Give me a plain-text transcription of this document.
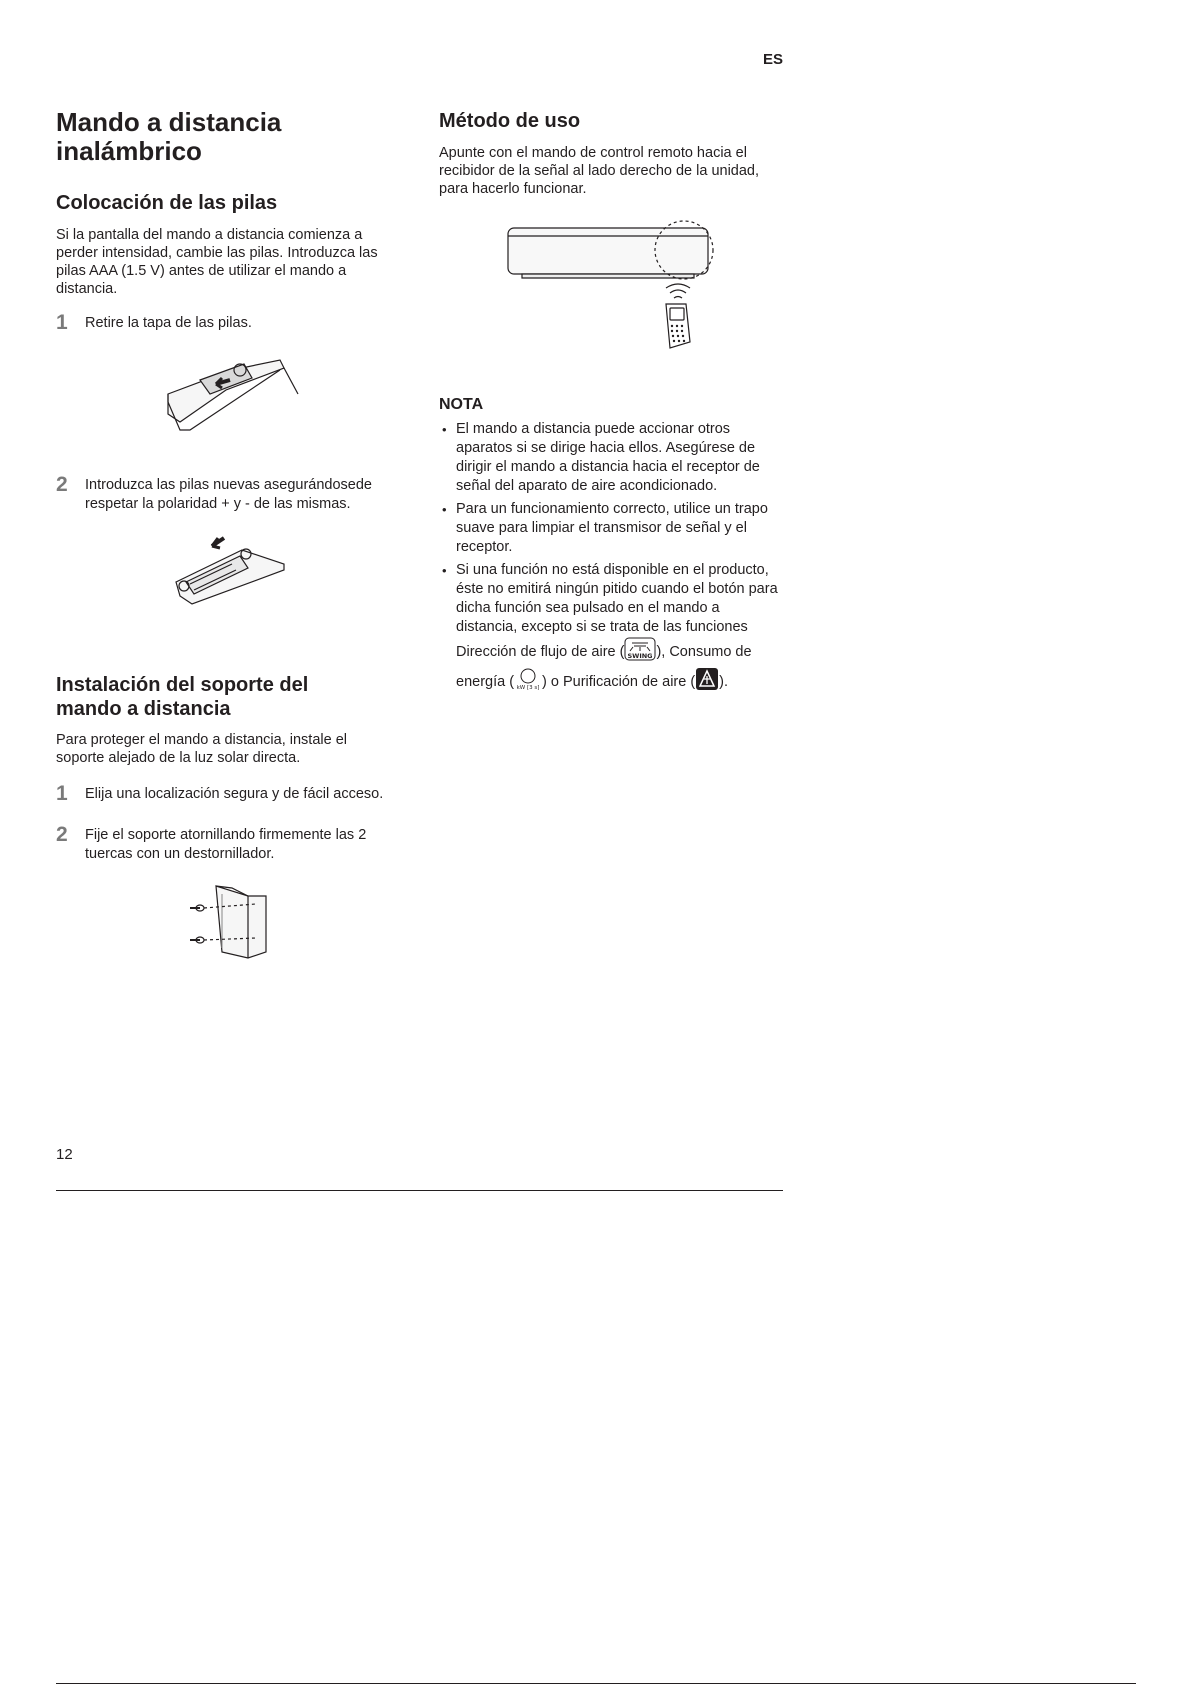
ES
Mando a distancia inalámbrico
Colocación de las pilas

Si la pantalla del mando a distancia comienza a perder intensidad, cambie las pilas. Introduzca las pilas AAA (1.5 V) antes de utilizar el mando a distancia.

1 Retire la tapa de las pilas.
2 Introduzca las pilas nuevas asegurándosede respetar la polaridad + y - de las mismas.
Instalación del soporte del mando a distancia

Para proteger el mando a distancia, instale el soporte alejado de la luz solar directa.

1 Elija una localización segura y de fácil acceso.
2 Fije el soporte atornillando firmemente las 2 tuercas con un destornillador.
Método de uso

Apunte con el mando de control remoto hacia el recibidor de la señal al lado derecho de la unidad, para hacerlo funcionar.

NOTA
• El mando a distancia puede accionar otros aparatos si se dirige hacia ellos. Asegúrese de dirigir el mando a distancia hacia el receptor de señal del aparato de aire acondicionado.
• Para un funcionamiento correcto, utilice un trapo suave para limpiar el transmisor de señal y el receptor.
• Si una función no está disponible en el producto, éste no emitirá ningún pitido cuando el botón para dicha función sea pulsado en el mando a distancia, excepto si se trata de las funciones Dirección de flujo de aire ( SWING ), Consumo de energía ( kW [3 s] ) o Purificación de aire ( ).
12
